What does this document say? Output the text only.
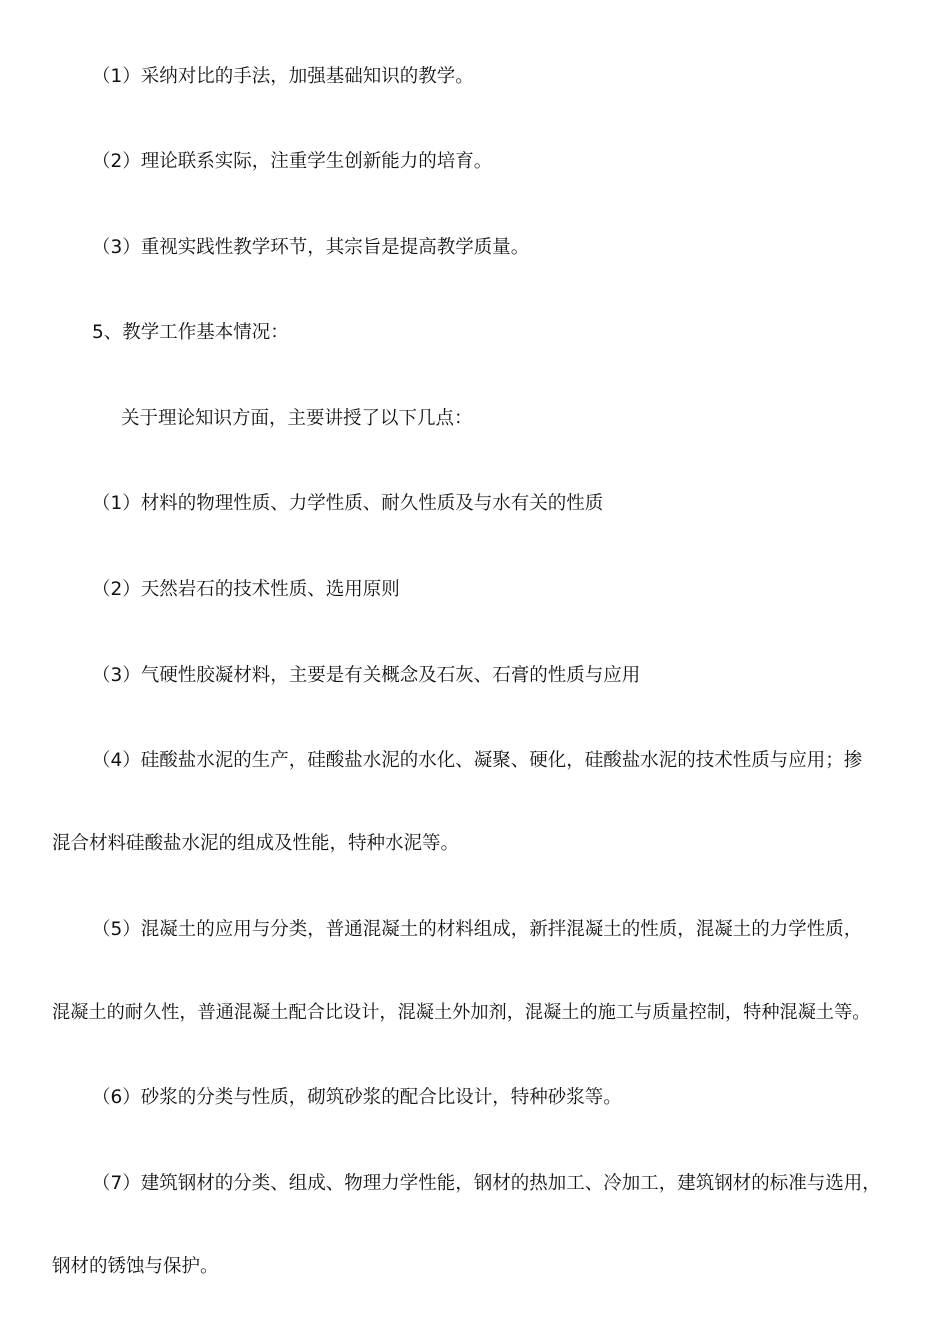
（1）采纳对比的手法，加强基础知识的教学。
（2）理论联系实际，注重学生创新能力的培育。
（3）重视实践性教学环节，其宗旨是提高教学质量。
5、教学工作基本情况：
关于理论知识方面，主要讲授了以下几点：
（1）材料的物理性质、力学性质、耐久性质及与水有关的性质
（2）天然岩石的技术性质、选用原则
（3）气硬性胶凝材料，主要是有关概念及石灰、石膏的性质与应用
（4）硅酸盐水泥的生产，硅酸盐水泥的水化、凝聚、硬化，硅酸盐水泥的技术性质与应用；掺
混合材料硅酸盐水泥的组成及性能，特种水泥等。
（5）混凝土的应用与分类，普通混凝土的材料组成，新拌混凝土的性质，混凝土的力学性质，
混凝土的耐久性，普通混凝土配合比设计，混凝土外加剂，混凝土的施工与质量控制，特种混凝土等。
（6）砂浆的分类与性质，砌筑砂浆的配合比设计，特种砂浆等。
（7）建筑钢材的分类、组成、物理力学性能，钢材的热加工、冷加工，建筑钢材的标准与选用，
钢材的锈蚀与保护。
